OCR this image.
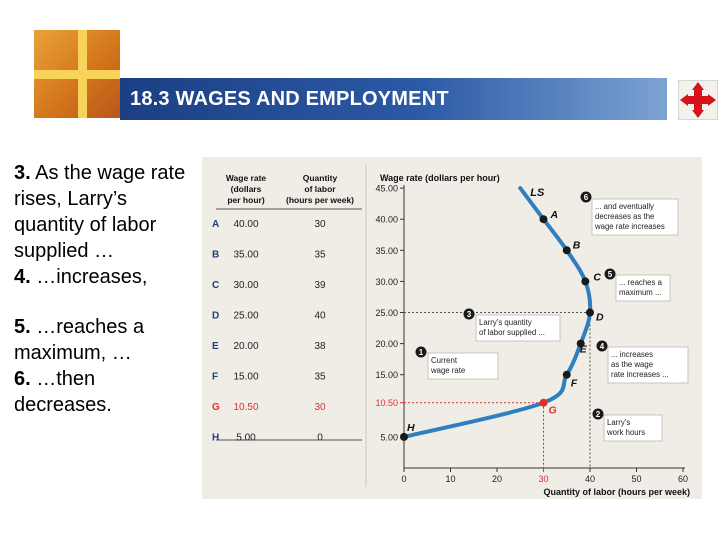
18.3 WAGES AND EMPLOYMENT
3. As the wage rate rises, Larry’s quantity of labor supplied …
4. …increases,
5. …reaches a maximum, …
6. …then decreases.
Wage rate
(dollars
per hour)
Quantity
of labor
(hours per week)
A 40.00	30
B 35.00	35
C 30.00	39
D 25.00	40
E 20.00	38
F 15.00	35
G 10.50	30
H 5.00	0
Wage rate (dollars per hour)
5.00
10.50
15.00
20.00
25.00
30.00
35.00
40.00
45.00
0	10	20	30	40	50	60
Quantity of labor (hours per week)
LS
A
B
C
D
E
F
G
H
Current
wage rate
1
Larry’s
work hours
2
Larry’s quantity
of labor supplied ...
3
... increases
as the wage
rate increases ...
4
... reaches a
maximum ...
5
... and eventually
decreases as the
wage rate increases
6
